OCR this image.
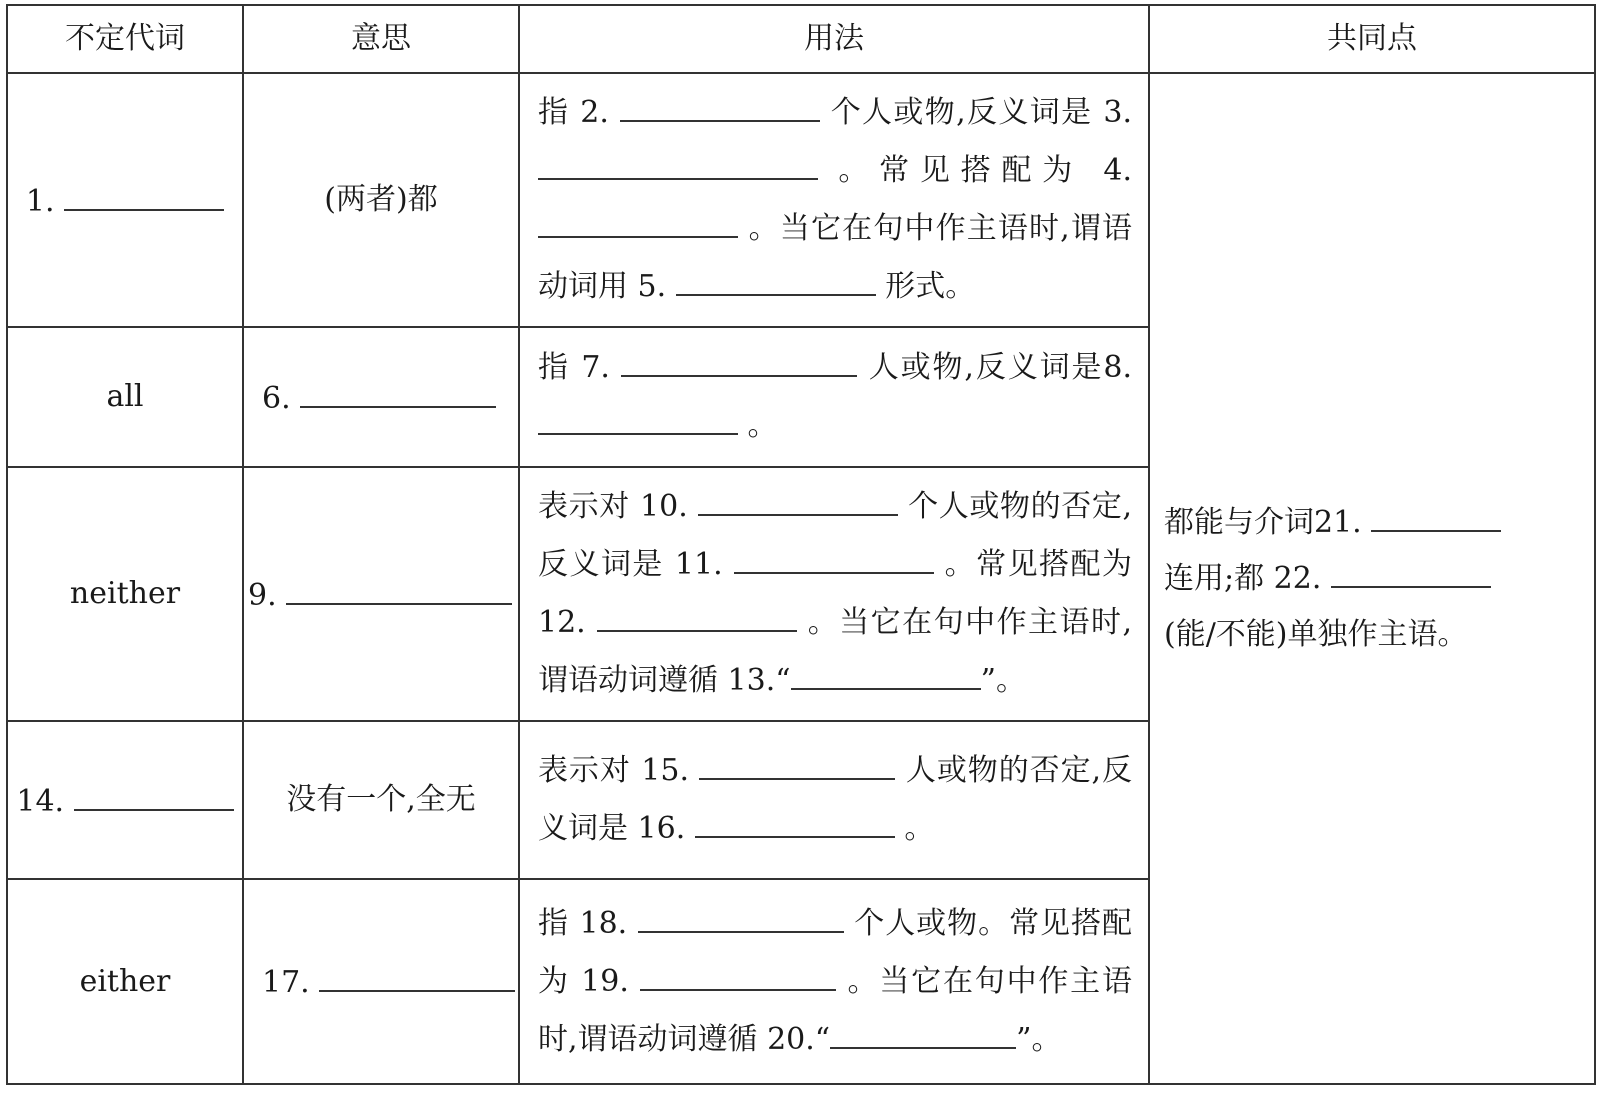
不定代词	意思	用法	共同点
1.	(两者)都	指 2. 个人或物,反义词是 3.  。常见搭配为 4. 。当它在句中作主语时,谓语动词用 5. 形式。	都能与介词21.
连用;都 22.
(能/不能)单独作主语。
all	6.	指 7. 人或物,反义词是8. 。	
neither	9.	表示对 10. 个人或物的否定,反义词是 11. 。常见搭配为 12. 。当它在句中作主语时,谓语动词遵循 13.“ ”。	
14.	没有一个,全无	表示对 15. 人或物的否定,反义词是 16. 。	
either	17.	指 18. 个人或物。常见搭配为 19. 。当它在句中作主语时,谓语动词遵循 20.“ ”。	
